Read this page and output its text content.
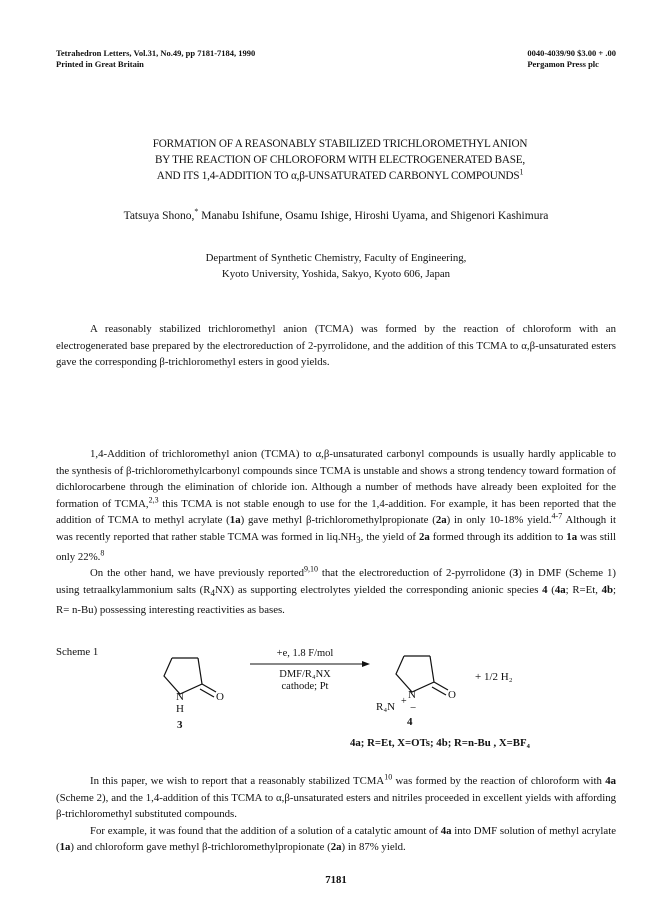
Tetrahedron Letters, Vol.31, No.49, pp 7181-7184, 1990
Printed in Great Britain
0040-4039/90 $3.00 + .00
Pergamon Press plc
FORMATION OF A REASONABLY STABILIZED TRICHLOROMETHYL ANION
BY THE REACTION OF CHLOROFORM WITH ELECTROGENERATED BASE,
AND ITS 1,4-ADDITION TO α,β-UNSATURATED CARBONYL COMPOUNDS$^1$
Tatsuya Shono,* Manabu Ishifune, Osamu Ishige, Hiroshi Uyama, and Shigenori Kashimura
Department of Synthetic Chemistry, Faculty of Engineering,
Kyoto University, Yoshida, Sakyo, Kyoto 606, Japan
A reasonably stabilized trichloromethyl anion (TCMA) was formed by the reaction of chloroform with an electrogenerated base prepared by the electroreduction of 2-pyrrolidone, and the addition of this TCMA to α,β-unsaturated esters gave the corresponding β-trichloromethyl esters in good yields.

1,4-Addition of trichloromethyl anion (TCMA) to α,β-unsaturated carbonyl compounds is usually hardly applicable to the synthesis of β-trichloromethylcarbonyl compounds since TCMA is unstable and shows a strong tendency toward formation of dichlorocarbene through the elimination of chloride ion. Although a number of methods have already been exploited for the formation of TCMA,$^{2,3}$ this TCMA is not stable enough to use for the 1,4-addition. For example, it has been reported that the addition of TCMA to methyl acrylate (1a) gave methyl β-trichloromethylpropionate (2a) in only 10-18% yield.$^{4-7}$ Although it was recently reported that rather stable TCMA was formed in $liq.NH_3$, the yield of 2a formed through its addition to 1a was still only 22%.$^8$

On the other hand, we have previously reported$^{9,10}$ that the electroreduction of 2-pyrrolidone (3) in DMF (Scheme 1) using tetraalkylammonium salts $(R_4NX)$ as supporting electrolytes yielded the corresponding anionic species 4 (4a; R=Et, 4b; R= n-Bu) possessing interesting reactivities as bases.

Scheme 1
N	O
H
3
+e, 1.8 F/mol
DMF/R₄NX
cathode; Pt
N	O
R₄N +
−
4
+ 1/2 H₂
4a; R=Et, X=OTs; 4b; R=n-Bu , X=BF₄

In this paper, we wish to report that a reasonably stabilized TCMA$^{10}$ was formed by the reaction of chloroform with 4a (Scheme 2), and the 1,4-addition of this TCMA to α,β-unsaturated esters and nitriles proceeded in excellent yields with affording β-trichloromethyl substituted compounds.

For example, it was found that the addition of a solution of a catalytic amount of 4a into DMF solution of methyl acrylate (1a) and chloroform gave methyl β-trichloromethylpropionate (2a) in 87% yield.

7181
